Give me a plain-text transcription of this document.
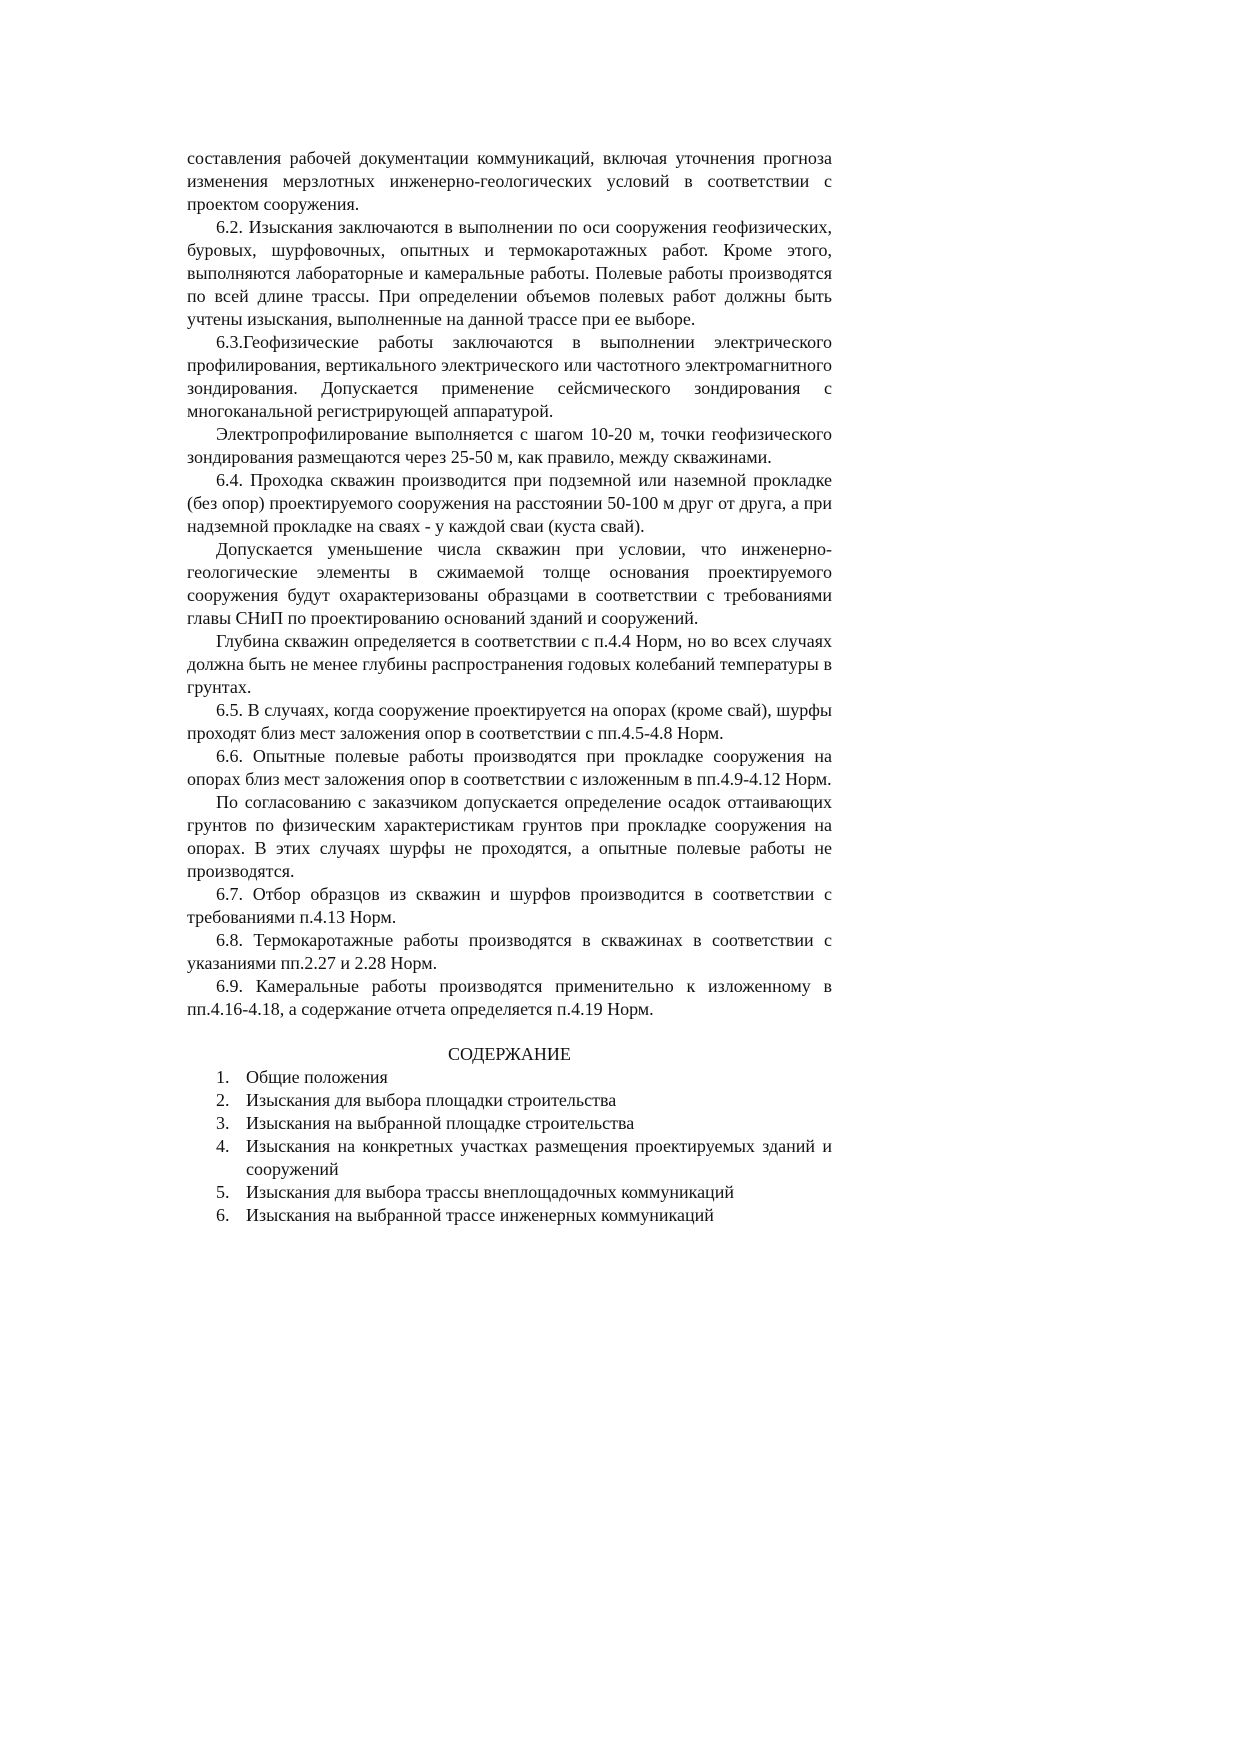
составления рабочей документации коммуникаций, включая уточнения прогноза изменения мерзлотных инженерно-геологических условий в соответствии с проектом сооружения.

6.2. Изыскания заключаются в выполнении по оси сооружения геофизических, буровых, шурфовочных, опытных и термокаротажных работ. Кроме этого, выполняются лабораторные и камеральные работы. Полевые работы производятся по всей длине трассы. При определении объемов полевых работ должны быть учтены изыскания, выполненные на данной трассе при ее выборе.

6.3.Геофизические работы заключаются в выполнении электрического профилирования, вертикального электрического или частотного электромагнитного зондирования. Допускается применение сейсмического зондирования с многоканальной регистрирующей аппаратурой.

Электропрофилирование выполняется с шагом 10-20 м, точки геофизического зондирования размещаются через 25-50 м, как правило, между скважинами.

6.4. Проходка скважин производится при подземной или наземной прокладке (без опор) проектируемого сооружения на расстоянии 50-100 м друг от друга, а при надземной прокладке на сваях - у каждой сваи (куста свай).

Допускается уменьшение числа скважин при условии, что инженерно-геологические элементы в сжимаемой толще основания проектируемого сооружения будут охарактеризованы образцами в соответствии с требованиями главы СНиП по проектированию оснований зданий и сооружений.

Глубина скважин определяется в соответствии с п.4.4 Норм, но во всех случаях должна быть не менее глубины распространения годовых колебаний температуры в грунтах.

6.5. В случаях, когда сооружение проектируется на опорах (кроме свай), шурфы проходят близ мест заложения опор в соответствии с пп.4.5-4.8 Норм.

6.6. Опытные полевые работы производятся при прокладке сооружения на опорах близ мест заложения опор в соответствии с изложенным в пп.4.9-4.12 Норм.

По согласованию с заказчиком допускается определение осадок оттаивающих грунтов по физическим характеристикам грунтов при прокладке сооружения на опорах. В этих случаях шурфы не проходятся, а опытные полевые работы не производятся.

6.7. Отбор образцов из скважин и шурфов производится в соответствии с требованиями п.4.13 Норм.

6.8. Термокаротажные работы производятся в скважинах в соответствии с указаниями пп.2.27 и 2.28 Норм.

6.9. Камеральные работы производятся применительно к изложенному в пп.4.16-4.18, а содержание отчета определяется п.4.19 Норм.

СОДЕРЖАНИЕ

1. Общие положения
2. Изыскания для выбора площадки строительства
3. Изыскания на выбранной площадке строительства
4. Изыскания на конкретных участках размещения проектируемых зданий и сооружений
5. Изыскания для выбора трассы внеплощадочных коммуникаций
6. Изыскания на выбранной трассе инженерных коммуникаций
